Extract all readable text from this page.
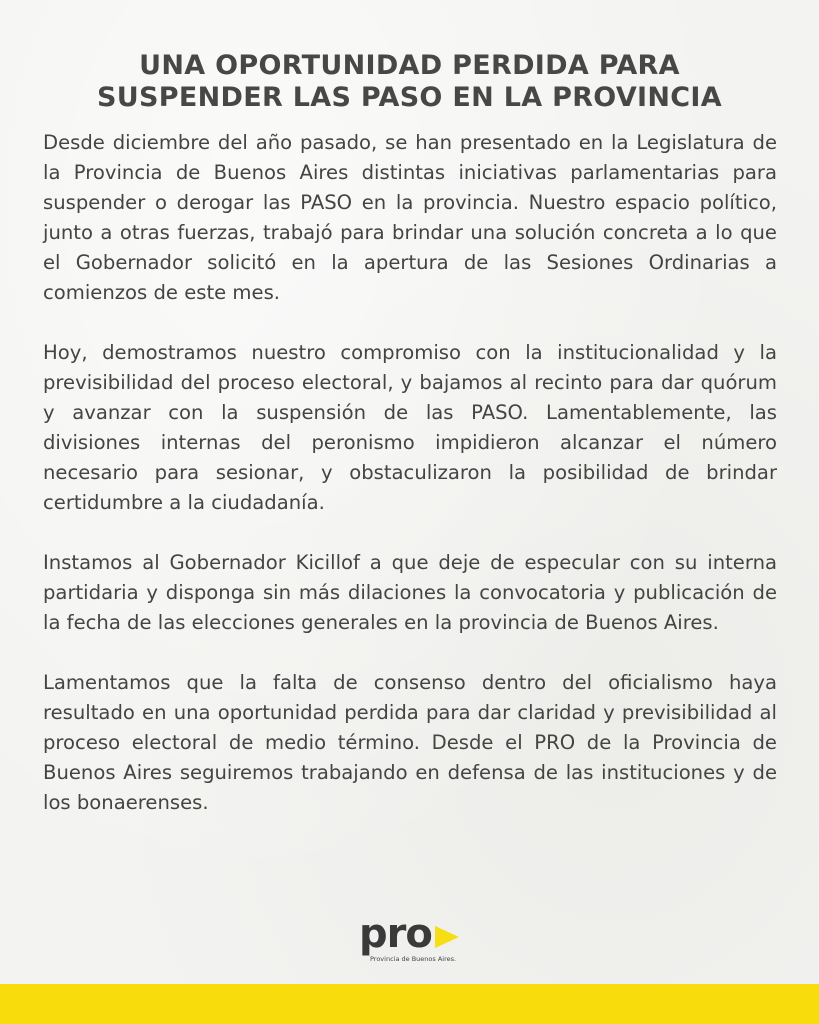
UNA OPORTUNIDAD PERDIDA PARA
SUSPENDER LAS PASO EN LA PROVINCIA

Desde diciembre del año pasado, se han presentado en la Legislatura de la Provincia de Buenos Aires distintas iniciativas parlamentarias para suspender o derogar las PASO en la provincia. Nuestro espacio político, junto a otras fuerzas, trabajó para brindar una solución concreta a lo que el Gobernador solicitó en la apertura de las Sesiones Ordinarias a comienzos de este mes.

Hoy, demostramos nuestro compromiso con la institucionalidad y la previsibilidad del proceso electoral, y bajamos al recinto para dar quórum y avanzar con la suspensión de las PASO. Lamentablemente, las divisiones internas del peronismo impidieron alcanzar el número necesario para sesionar, y obstaculizaron la posibilidad de brindar certidumbre a la ciudadanía.

Instamos al Gobernador Kicillof a que deje de especular con su interna partidaria y disponga sin más dilaciones la convocatoria y publicación de la fecha de las elecciones generales en la provincia de Buenos Aires.

Lamentamos que la falta de consenso dentro del oficialismo haya resultado en una oportunidad perdida para dar claridad y previsibilidad al proceso electoral de medio término. Desde el PRO de la Provincia de Buenos Aires seguiremos trabajando en defensa de las instituciones y de los bonaerenses.

pro
Provincia de Buenos Aires.
